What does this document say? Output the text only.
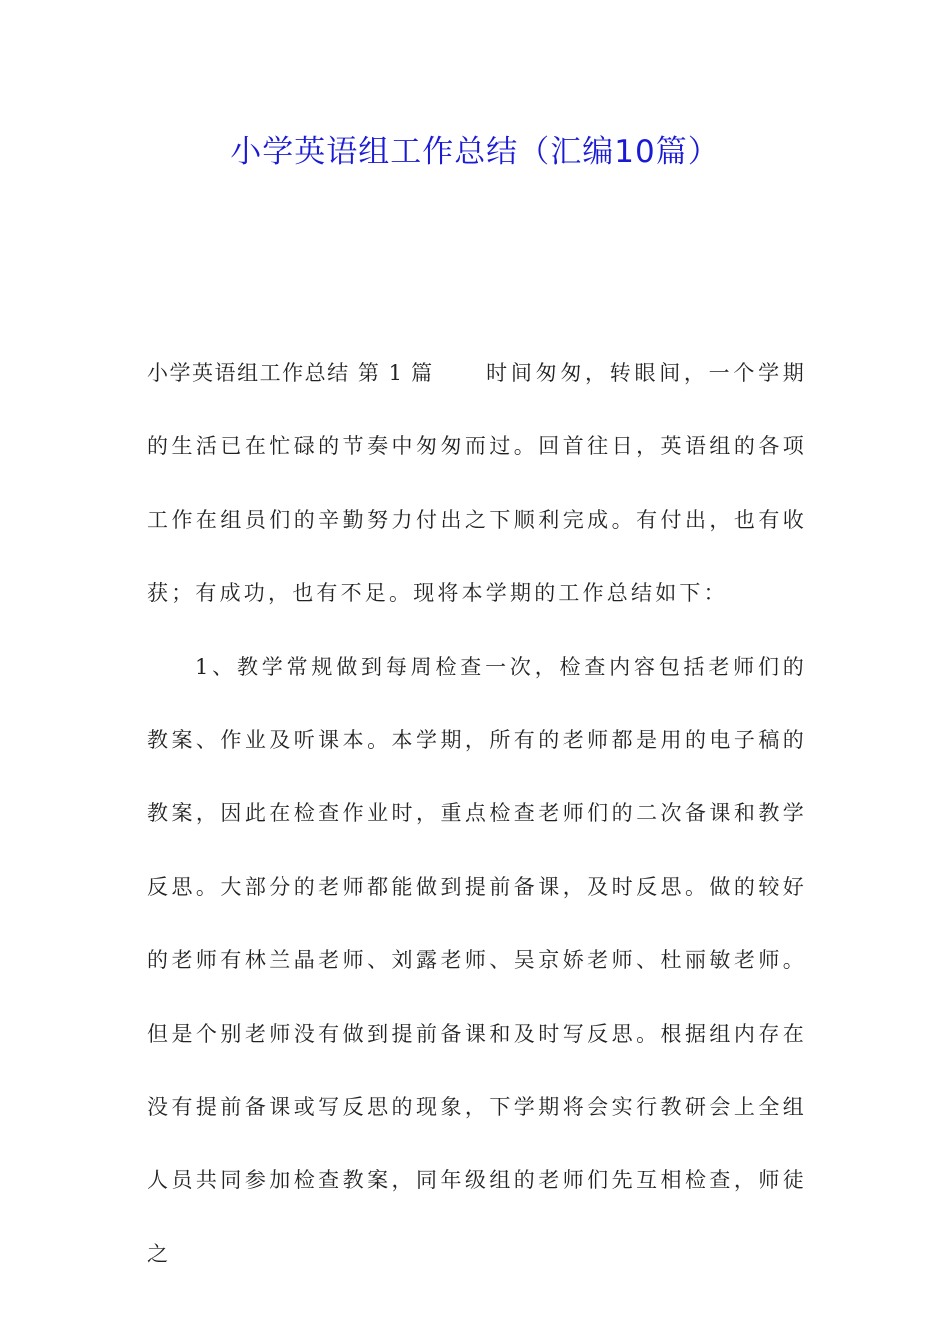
小学英语组工作总结（汇编10篇）

小学英语组工作总结 第 1 篇 时间匆匆，转眼间，一个学期的生活已在忙碌的节奏中匆匆而过。回首往日，英语组的各项工作在组员们的辛勤努力付出之下顺利完成。有付出，也有收获；有成功，也有不足。现将本学期的工作总结如下：

1、教学常规做到每周检查一次，检查内容包括老师们的教案、作业及听课本。本学期，所有的老师都是用的电子稿的教案，因此在检查作业时，重点检查老师们的二次备课和教学反思。大部分的老师都能做到提前备课，及时反思。做的较好的老师有林兰晶老师、刘露老师、吴京娇老师、杜丽敏老师。但是个别老师没有做到提前备课和及时写反思。根据组内存在没有提前备课或写反思的现象，下学期将会实行教研会上全组人员共同参加检查教案，同年级组的老师们先互相检查，师徒之
